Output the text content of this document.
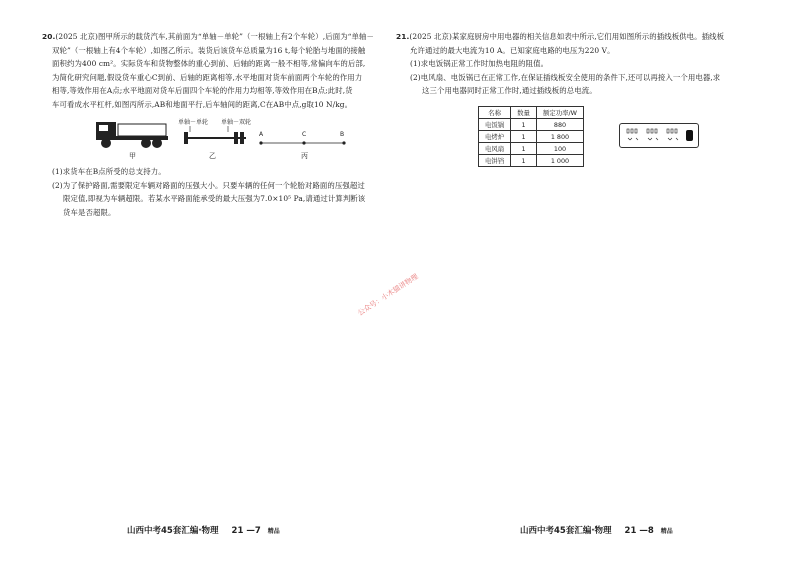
20.(2025 北京)图甲所示的载货汽车,其前面为“单轴－单轮”（一根轴上有2个车轮）,后面为“单轴－
双轮”（一根轴上有4个车轮）,如图乙所示。装货后该货车总质量为16 t,每个轮胎与地面的接触
面积约为400 cm²。实际货车和货物整体的重心到前、后轴的距离一般不相等,常偏向车的后部,
为简化研究问题,假设货车重心C到前、后轴的距离相等,水平地面对货车前面两个车轮的作用力
相等,等效作用在A点;水平地面对货车后面四个车轮的作用力均相等,等效作用在B点;此时,货
车可看成水平杠杆,如图丙所示,AB和地面平行,后车轴间的距离,C在AB中点,g取10 N/kg。
甲
单轴－单轮 单轴－双轮
乙
A	C	B
丙
(1)求货车在B点所受的总支持力。
(2)为了保护路面,需要限定车辆对路面的压强大小。只要车辆的任何一个轮胎对路面的压强超过
限定值,即视为车辆超限。若某水平路面能承受的最大压强为7.0×10⁵ Pa,请通过计算判断该
货车是否超限。
山西中考45套汇编·物理 21 —7 精品
21.(2025 北京)某家庭厨房中用电器的相关信息如表中所示,它们用如图所示的插线板供电。插线板
允许通过的最大电流为10 A。已知家庭电路的电压为220 V。
(1)求电饭锅正常工作时加热电阻的阻值。
(2)电风扇、电饭锅已在正常工作,在保证插线板安全使用的条件下,还可以再接入一个用电器,求
这三个用电器同时正常工作时,通过插线板的总电流。
名称	数量	额定功率/W
电饭锅	1	880
电烤炉	1	1 800
电风扇	1	100
电饼铛	1	1 000
山西中考45套汇编·物理 21 —8 精品
公众号：小木猫讲物理
